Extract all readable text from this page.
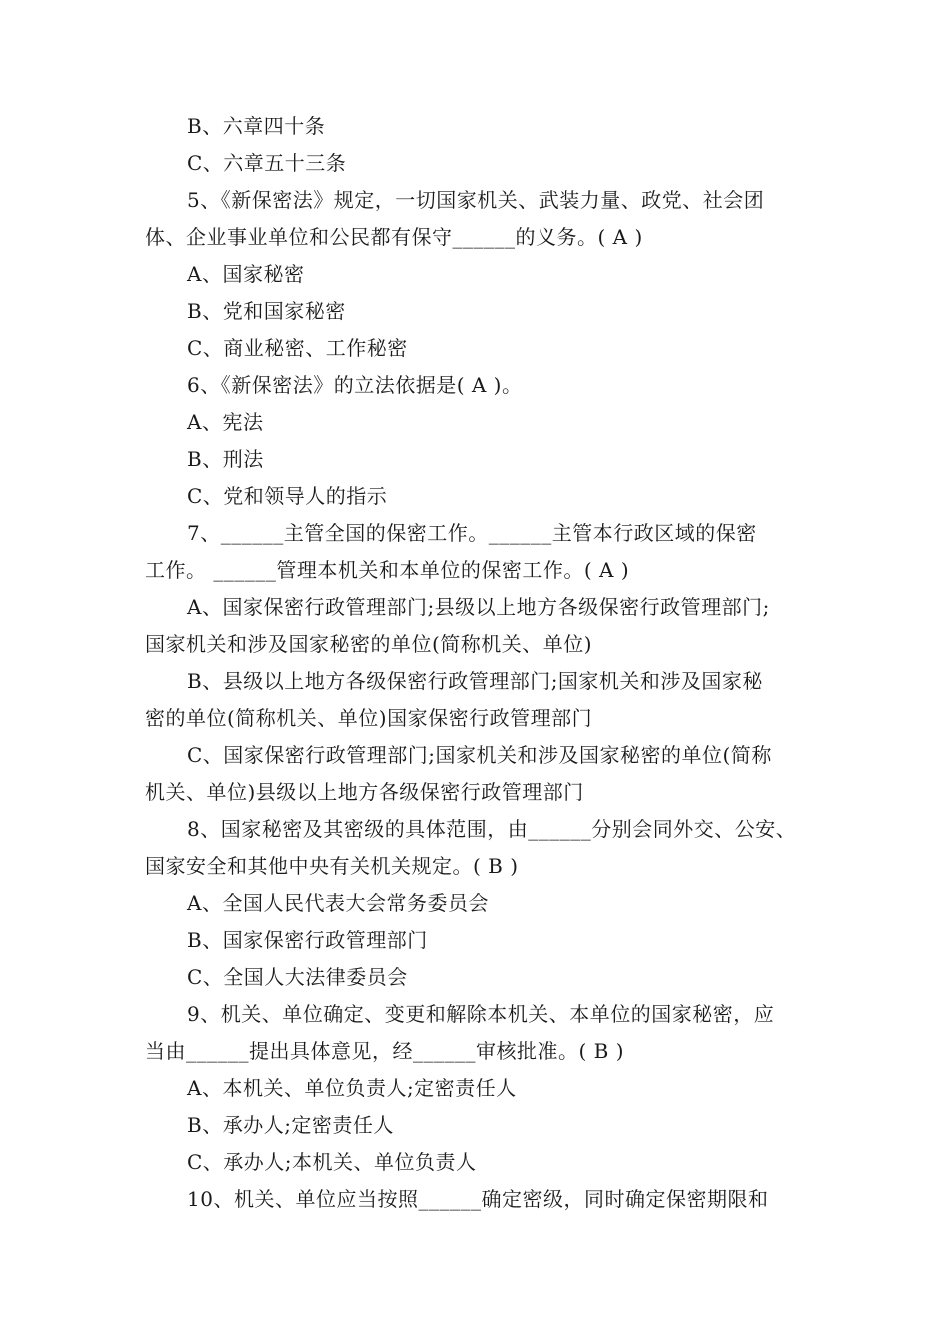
B、六章四十条
C、六章五十三条
5、《新保密法》规定，一切国家机关、武装力量、政党、社会团
体、企业事业单位和公民都有保守______的义务。( A )
A、国家秘密
B、党和国家秘密
C、商业秘密、工作秘密
6、《新保密法》的立法依据是( A )。
A、宪法
B、刑法
C、党和领导人的指示
7、______主管全国的保密工作。______主管本行政区域的保密
工作。 ______管理本机关和本单位的保密工作。( A )
A、国家保密行政管理部门;县级以上地方各级保密行政管理部门;
国家机关和涉及国家秘密的单位(简称机关、单位)
B、县级以上地方各级保密行政管理部门;国家机关和涉及国家秘
密的单位(简称机关、单位)国家保密行政管理部门
C、国家保密行政管理部门;国家机关和涉及国家秘密的单位(简称
机关、单位)县级以上地方各级保密行政管理部门
8、国家秘密及其密级的具体范围，由______分别会同外交、公安、
国家安全和其他中央有关机关规定。( B )
A、全国人民代表大会常务委员会
B、国家保密行政管理部门
C、全国人大法律委员会
9、机关、单位确定、变更和解除本机关、本单位的国家秘密，应
当由______提出具体意见，经______审核批准。( B )
A、本机关、单位负责人;定密责任人
B、承办人;定密责任人
C、承办人;本机关、单位负责人
10、机关、单位应当按照______确定密级，同时确定保密期限和
